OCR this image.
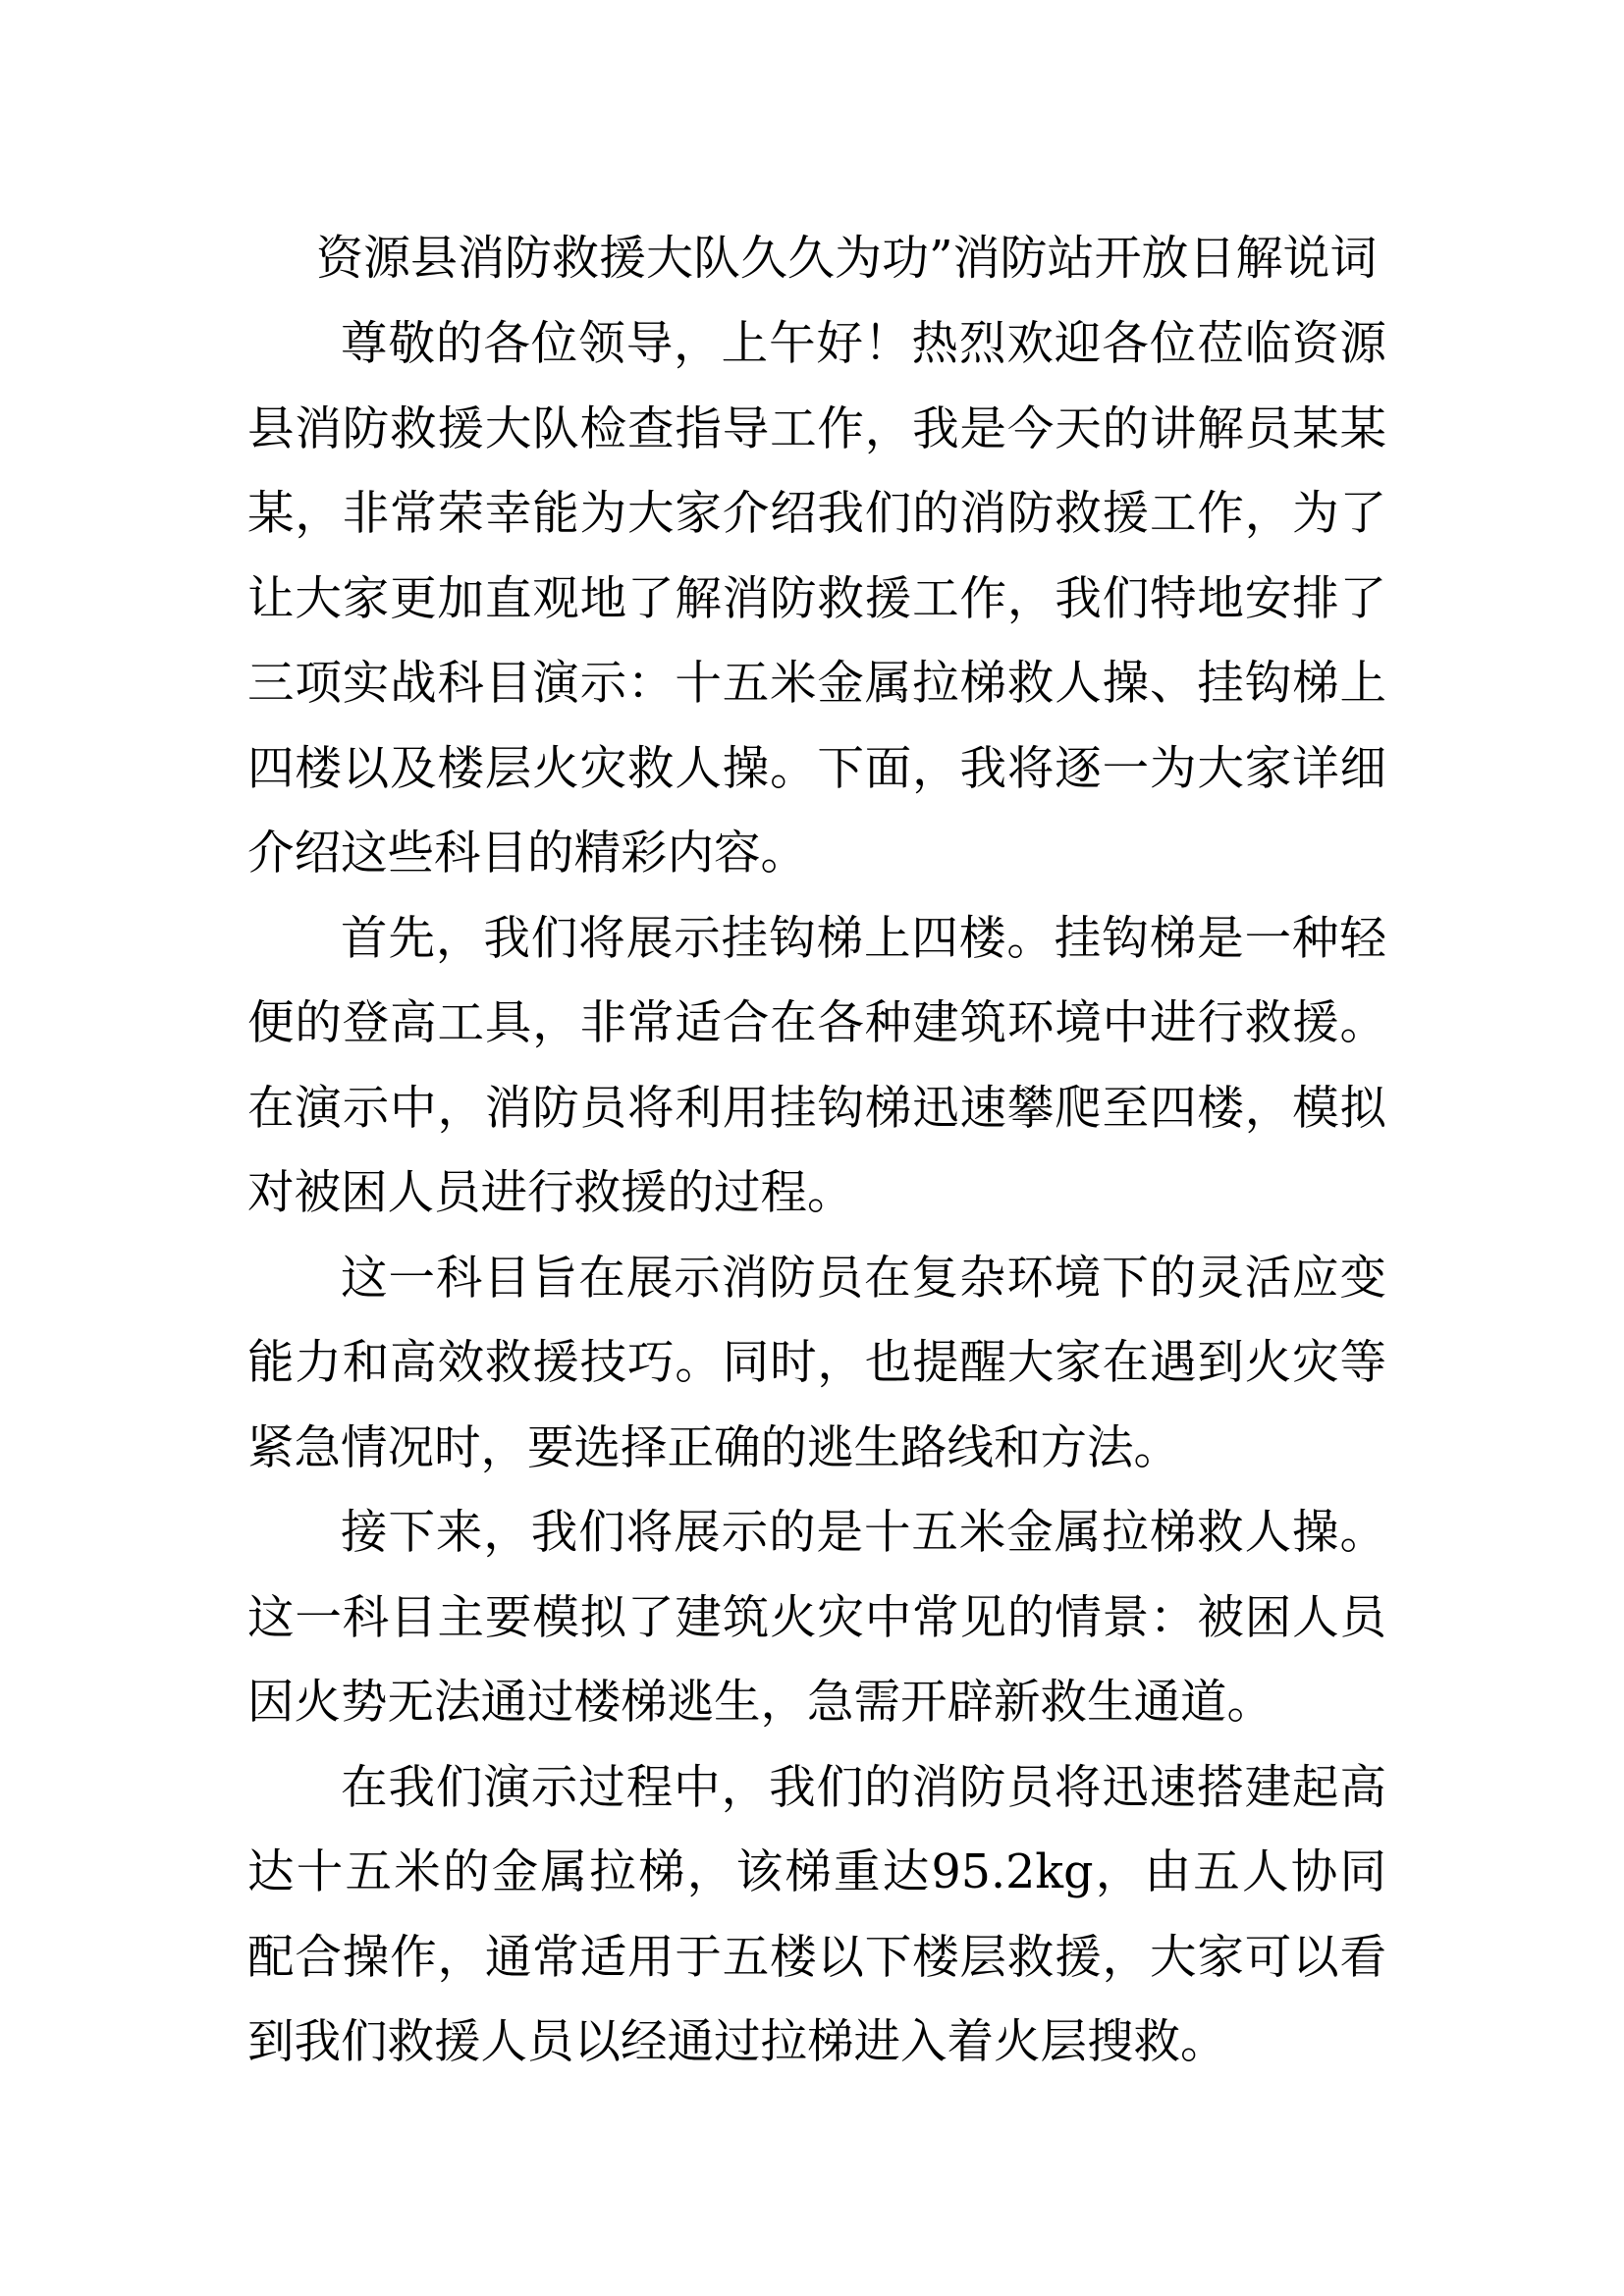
资源县消防救援大队久久为功”消防站开放日解说词

尊敬的各位领导，上午好！热烈欢迎各位莅临资源县消防救援大队检查指导工作，我是今天的讲解员某某某，非常荣幸能为大家介绍我们的消防救援工作，为了让大家更加直观地了解消防救援工作，我们特地安排了三项实战科目演示：十五米金属拉梯救人操、挂钩梯上四楼以及楼层火灾救人操。下面，我将逐一为大家详细介绍这些科目的精彩内容。

首先，我们将展示挂钩梯上四楼。挂钩梯是一种轻便的登高工具，非常适合在各种建筑环境中进行救援。在演示中，消防员将利用挂钩梯迅速攀爬至四楼，模拟对被困人员进行救援的过程。

这一科目旨在展示消防员在复杂环境下的灵活应变能力和高效救援技巧。同时，也提醒大家在遇到火灾等紧急情况时，要选择正确的逃生路线和方法。

接下来，我们将展示的是十五米金属拉梯救人操。这一科目主要模拟了建筑火灾中常见的情景：被困人员因火势无法通过楼梯逃生，急需开辟新救生通道。

在我们演示过程中，我们的消防员将迅速搭建起高达十五米的金属拉梯，该梯重达95.2kg，由五人协同配合操作，通常适用于五楼以下楼层救援，大家可以看到我们救援人员以经通过拉梯进入着火层搜救。
